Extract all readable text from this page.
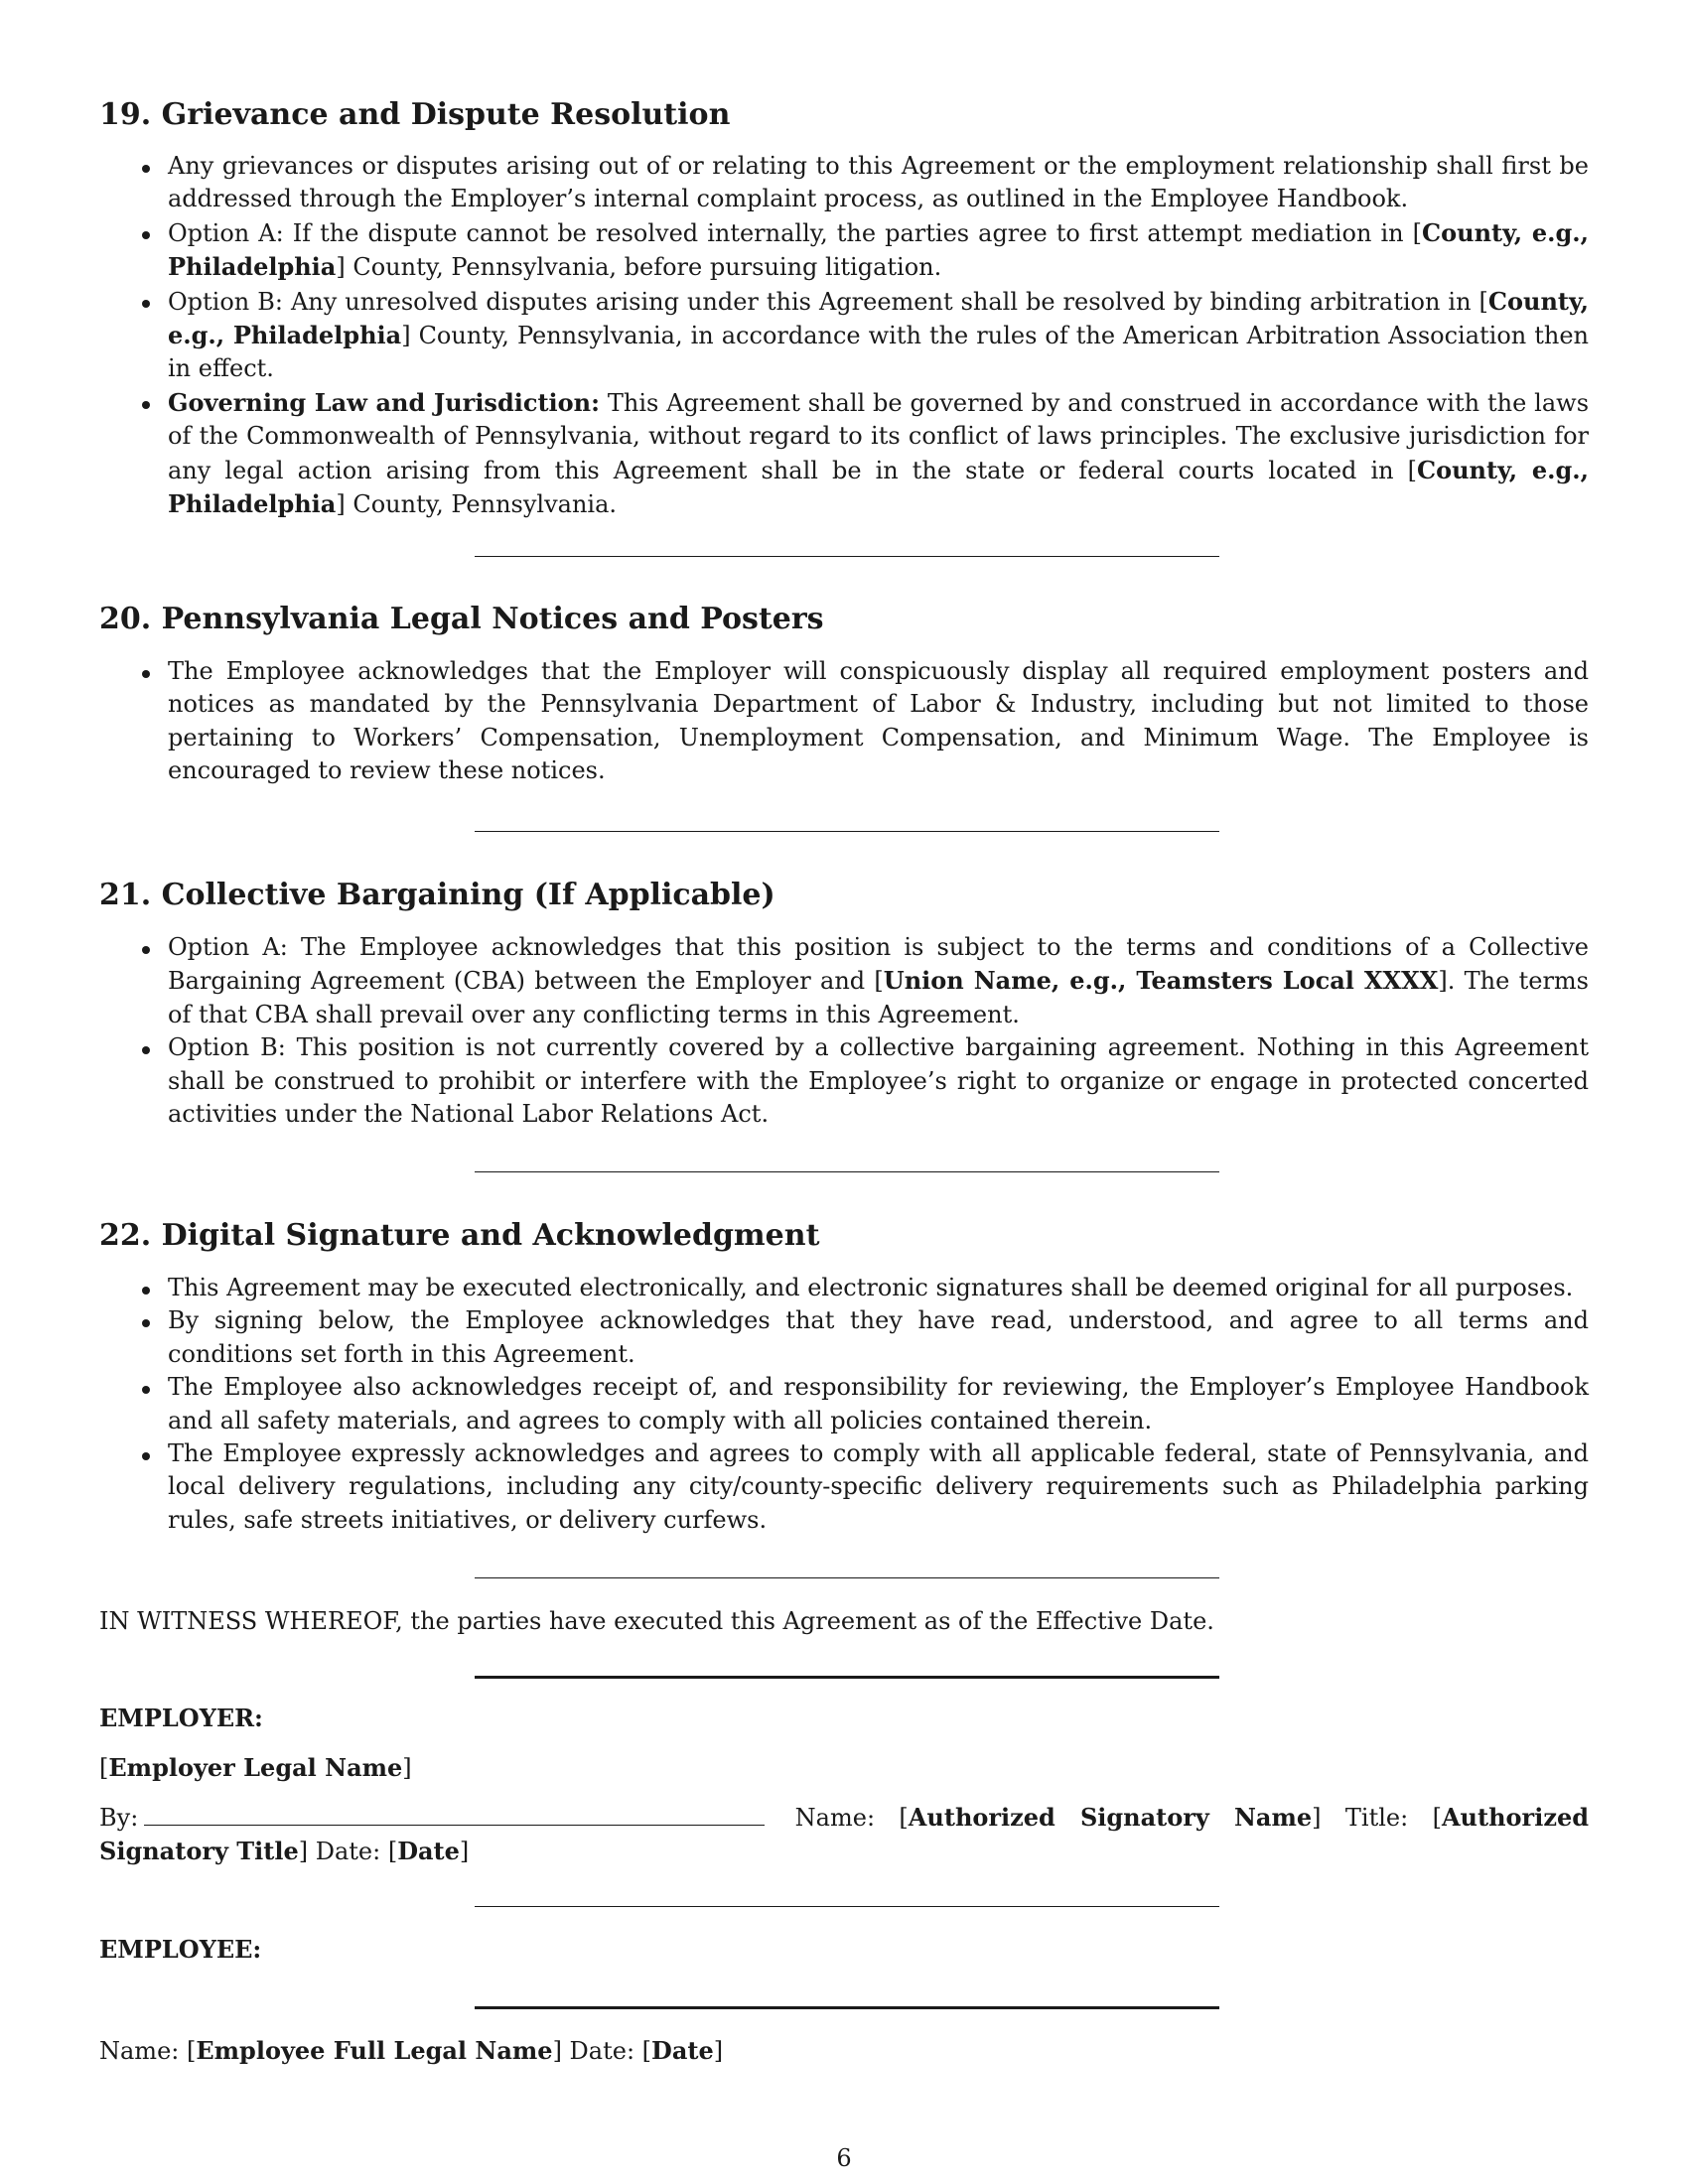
19. Grievance and Dispute Resolution
Any grievances or disputes arising out of or relating to this Agreement or the employment relationship shall first be addressed through the Employer’s internal complaint process, as outlined in the Employee Handbook.
Option A: If the dispute cannot be resolved internally, the parties agree to first attempt mediation in [County, e.g., Philadelphia] County, Pennsylvania, before pursuing litigation.
Option B: Any unresolved disputes arising under this Agreement shall be resolved by binding arbitration in [County, e.g., Philadelphia] County, Pennsylvania, in accordance with the rules of the American Arbitration Association then in effect.
Governing Law and Jurisdiction: This Agreement shall be governed by and construed in accordance with the laws of the Commonwealth of Pennsylvania, without regard to its conflict of laws principles. The exclusive jurisdiction for any legal action arising from this Agreement shall be in the state or federal courts located in [County, e.g., Philadelphia] County, Pennsylvania.
20. Pennsylvania Legal Notices and Posters
The Employee acknowledges that the Employer will conspicuously display all required employment posters and notices as mandated by the Pennsylvania Department of Labor & Industry, including but not limited to those pertaining to Workers’ Compensation, Unemployment Compensation, and Minimum Wage. The Employee is encouraged to review these notices.
21. Collective Bargaining (If Applicable)
Option A: The Employee acknowledges that this position is subject to the terms and conditions of a Collective Bargaining Agreement (CBA) between the Employer and [Union Name, e.g., Teamsters Local XXXX]. The terms of that CBA shall prevail over any conflicting terms in this Agreement.
Option B: This position is not currently covered by a collective bargaining agreement. Nothing in this Agreement shall be construed to prohibit or interfere with the Employee’s right to organize or engage in protected concerted activities under the National Labor Relations Act.
22. Digital Signature and Acknowledgment
This Agreement may be executed electronically, and electronic signatures shall be deemed original for all purposes.
By signing below, the Employee acknowledges that they have read, understood, and agree to all terms and conditions set forth in this Agreement.
The Employee also acknowledges receipt of, and responsibility for reviewing, the Employer’s Employee Handbook and all safety materials, and agrees to comply with all policies contained therein.
The Employee expressly acknowledges and agrees to comply with all applicable federal, state of Pennsylvania, and local delivery regulations, including any city/county-specific delivery requirements such as Philadelphia parking rules, safe streets initiatives, or delivery curfews.
IN WITNESS WHEREOF, the parties have executed this Agreement as of the Effective Date.
EMPLOYER:
[Employer Legal Name]
By:	Name: [Authorized Signatory Name] Title: [Authorized Signatory Title] Date: [Date]
EMPLOYEE:
Name: [Employee Full Legal Name] Date: [Date]
6
